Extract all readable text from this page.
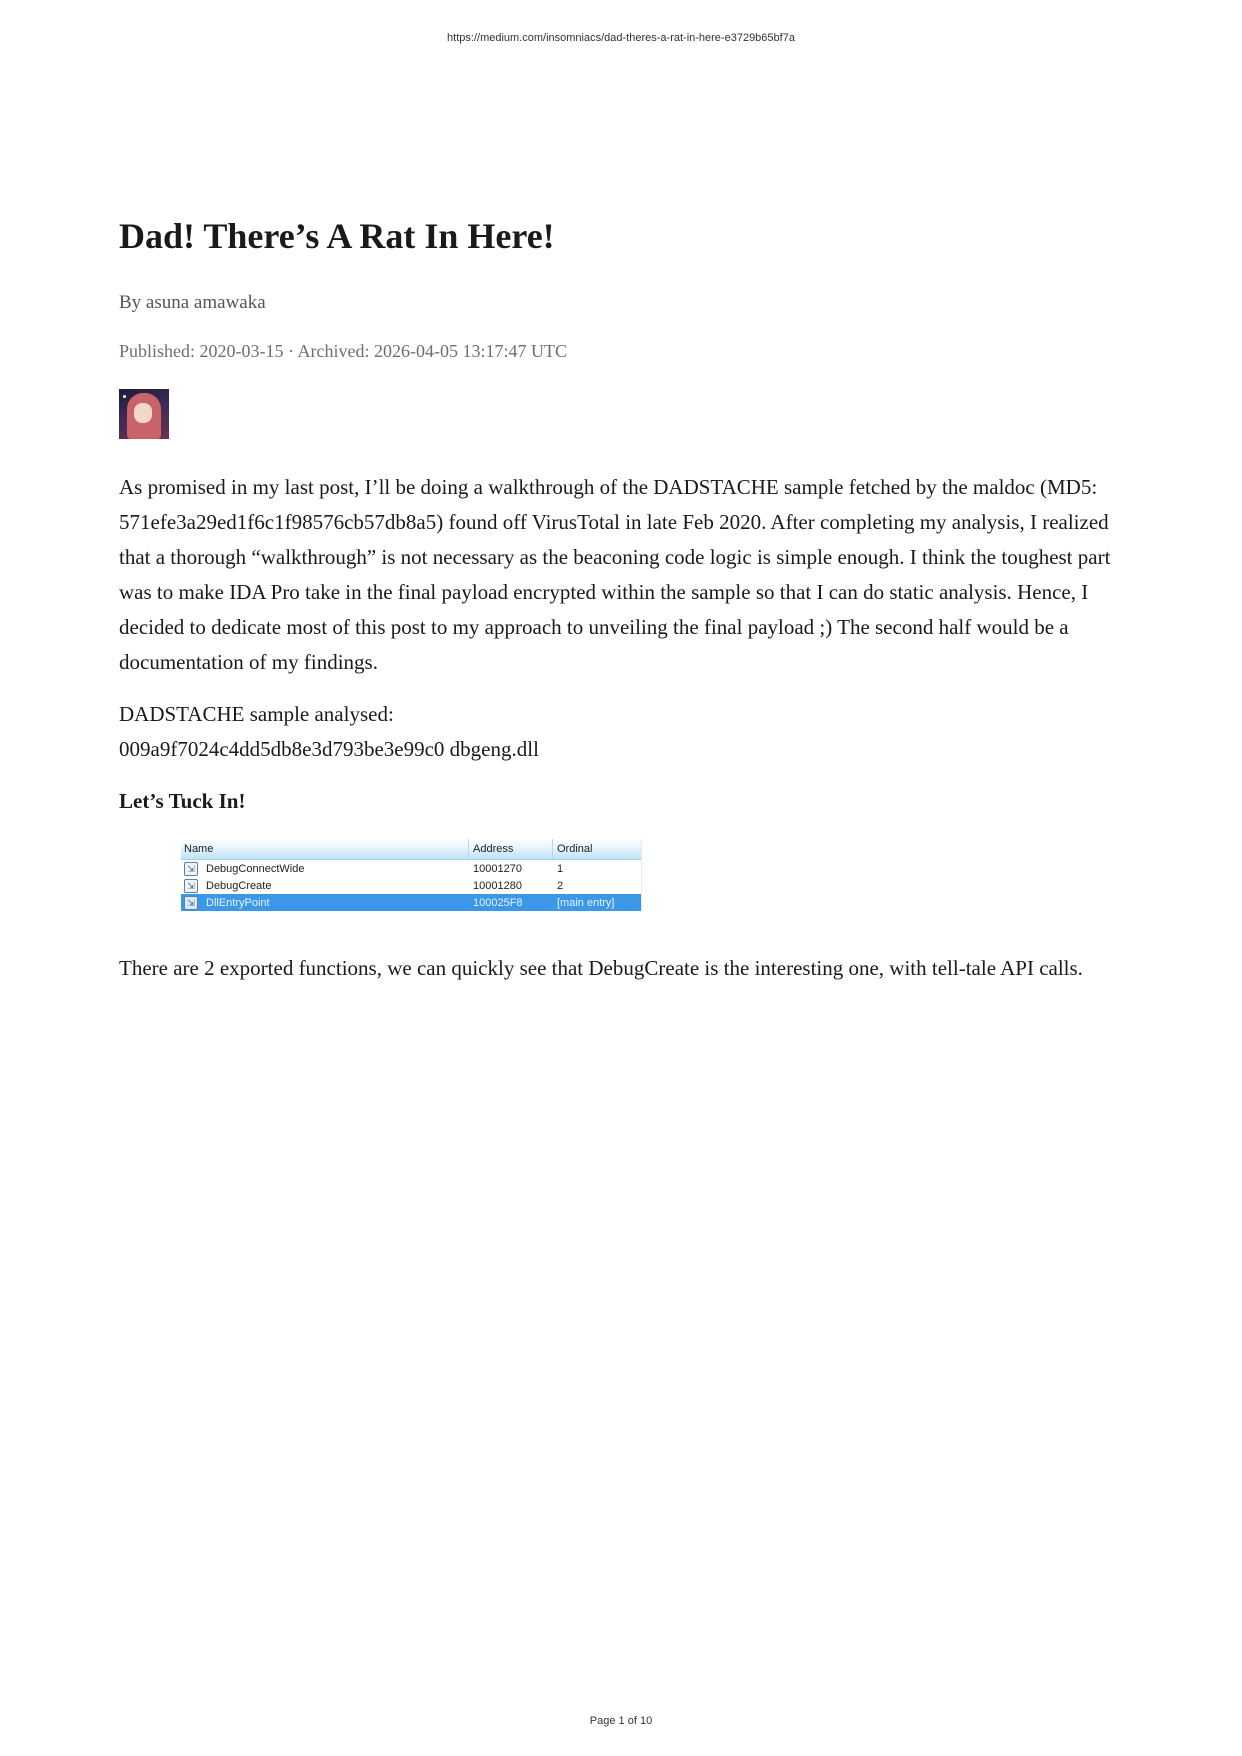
https://medium.com/insomniacs/dad-theres-a-rat-in-here-e3729b65bf7a
Dad! There’s A Rat In Here!
By asuna amawaka
Published: 2020-03-15 · Archived: 2026-04-05 13:17:47 UTC

As promised in my last post, I’ll be doing a walkthrough of the DADSTACHE sample fetched by the maldoc (MD5: 571efe3a29ed1f6c1f98576cb57db8a5) found off VirusTotal in late Feb 2020. After completing my analysis, I realized that a thorough “walkthrough” is not necessary as the beaconing code logic is simple enough. I think the toughest part was to make IDA Pro take in the final payload encrypted within the sample so that I can do static analysis. Hence, I decided to dedicate most of this post to my approach to unveiling the final payload ;) The second half would be a documentation of my findings.

DADSTACHE sample analysed:
009a9f7024c4dd5db8e3d793be3e99c0 dbgeng.dll
Let’s Tuck In!
Name	Address	Ordinal
⇲ DebugConnectWide	10001270	1
⇲ DebugCreate	10001280	2
⇲ DllEntryPoint	100025F8	[main entry]

There are 2 exported functions, we can quickly see that DebugCreate is the interesting one, with tell-tale API calls.

Page 1 of 10
